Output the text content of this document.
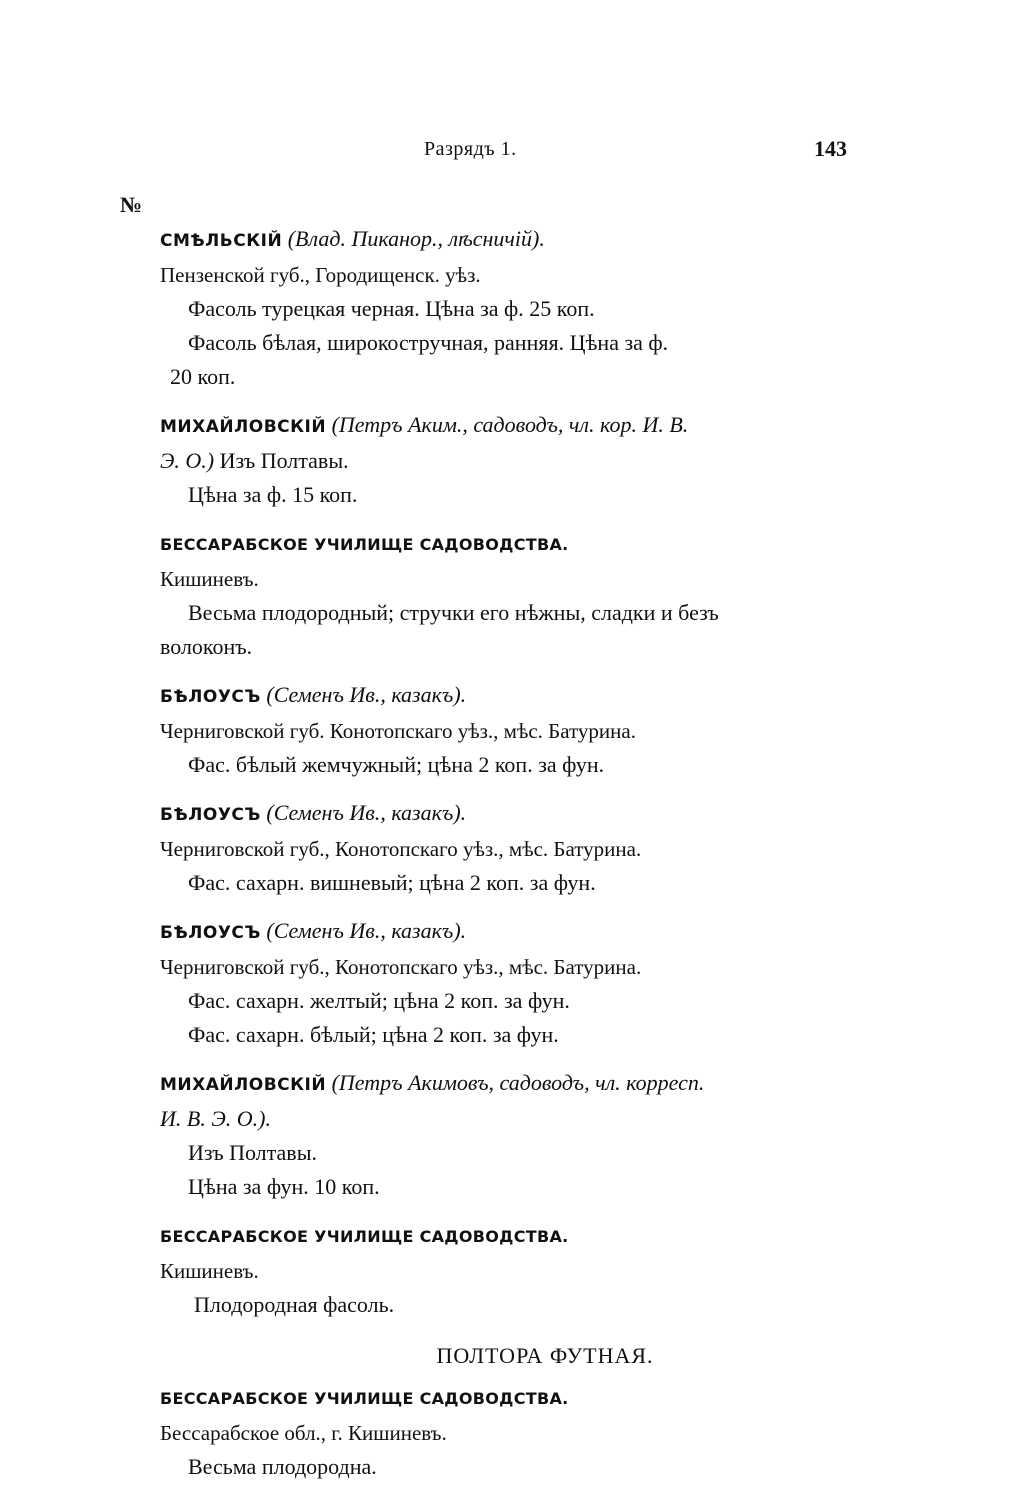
Разрядъ 1.	143
№
СМѢЛЬСКІЙ (Влад. Пиканор., лѣсничій).
Пензенской губ., Городищенск. уѣз.
Фасоль турецкая черная. Цѣна за ф. 25 коп.
Фасоль бѣлая, широкостручная, ранняя. Цѣна за ф.
20 коп.
МИХАЙЛОВСКІЙ (Петръ Аким., садоводъ, чл. кор. И. В.
Э. О.) Изъ Полтавы.
Цѣна за ф. 15 коп.
БЕССАРАБСКОЕ УЧИЛИЩЕ САДОВОДСТВА.
Кишиневъ.
Весьма плодородный; стручки его нѣжны, сладки и безъ
волоконъ.
БѢЛОУСЪ (Семенъ Ив., казакъ).
Черниговской губ. Конотопскаго уѣз., мѣс. Батурина.
Фас. бѣлый жемчужный; цѣна 2 коп. за фун.
БѢЛОУСЪ (Семенъ Ив., казакъ).
Черниговской губ., Конотопскаго уѣз., мѣс. Батурина.
Фас. сахарн. вишневый; цѣна 2 коп. за фун.
БѢЛОУСЪ (Семенъ Ив., казакъ).
Черниговской губ., Конотопскаго уѣз., мѣс. Батурина.
Фас. сахарн. желтый; цѣна 2 коп. за фун.
Фас. сахарн. бѣлый; цѣна 2 коп. за фун.
МИХАЙЛОВСКІЙ (Петръ Акимовъ, садоводъ, чл. корресп.
И. В. Э. О.).
Изъ Полтавы.
Цѣна за фун. 10 коп.
БЕССАРАБСКОЕ УЧИЛИЩЕ САДОВОДСТВА.
Кишиневъ.
Плодородная фасоль.
ПОЛТОРА ФУТНАЯ.
БЕССАРАБСКОЕ УЧИЛИЩЕ САДОВОДСТВА.
Бессарабское обл., г. Кишиневъ.
Весьма плодородна.
